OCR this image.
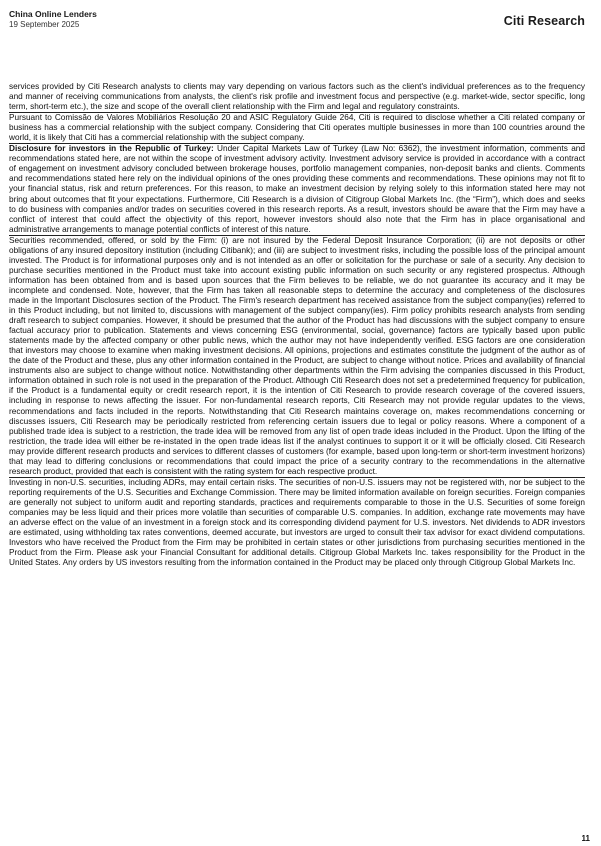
China Online Lenders
19 September 2025	Citi Research

services provided by Citi Research analysts to clients may vary depending on various factors such as the client's individual preferences as to the frequency and manner of receiving communications from analysts, the client's risk profile and investment focus and perspective (e.g. market-wide, sector specific, long term, short-term etc.), the size and scope of the overall client relationship with the Firm and legal and regulatory constraints.

Pursuant to Comissão de Valores Mobiliários Resolução 20 and ASIC Regulatory Guide 264, Citi is required to disclose whether a Citi related company or business has a commercial relationship with the subject company. Considering that Citi operates multiple businesses in more than 100 countries around the world, it is likely that Citi has a commercial relationship with the subject company.

Disclosure for investors in the Republic of Turkey: Under Capital Markets Law of Turkey (Law No: 6362), the investment information, comments and recommendations stated here, are not within the scope of investment advisory activity. Investment advisory service is provided in accordance with a contract of engagement on investment advisory concluded between brokerage houses, portfolio management companies, non-deposit banks and clients. Comments and recommendations stated here rely on the individual opinions of the ones providing these comments and recommendations. These opinions may not fit to your financial status, risk and return preferences. For this reason, to make an investment decision by relying solely to this information stated here may not bring about outcomes that fit your expectations. Furthermore, Citi Research is a division of Citigroup Global Markets Inc. (the “Firm”), which does and seeks to do business with companies and/or trades on securities covered in this research reports. As a result, investors should be aware that the Firm may have a conflict of interest that could affect the objectivity of this report, however investors should also note that the Firm has in place organisational and administrative arrangements to manage potential conflicts of interest of this nature.

Securities recommended, offered, or sold by the Firm: (i) are not insured by the Federal Deposit Insurance Corporation; (ii) are not deposits or other obligations of any insured depository institution (including Citibank); and (iii) are subject to investment risks, including the possible loss of the principal amount invested. The Product is for informational purposes only and is not intended as an offer or solicitation for the purchase or sale of a security. Any decision to purchase securities mentioned in the Product must take into account existing public information on such security or any registered prospectus. Although information has been obtained from and is based upon sources that the Firm believes to be reliable, we do not guarantee its accuracy and it may be incomplete and condensed. Note, however, that the Firm has taken all reasonable steps to determine the accuracy and completeness of the disclosures made in the Important Disclosures section of the Product. The Firm's research department has received assistance from the subject company(ies) referred to in this Product including, but not limited to, discussions with management of the subject company(ies). Firm policy prohibits research analysts from sending draft research to subject companies. However, it should be presumed that the author of the Product has had discussions with the subject company to ensure factual accuracy prior to publication. Statements and views concerning ESG (environmental, social, governance) factors are typically based upon public statements made by the affected company or other public news, which the author may not have independently verified. ESG factors are one consideration that investors may choose to examine when making investment decisions. All opinions, projections and estimates constitute the judgment of the author as of the date of the Product and these, plus any other information contained in the Product, are subject to change without notice. Prices and availability of financial instruments also are subject to change without notice. Notwithstanding other departments within the Firm advising the companies discussed in this Product, information obtained in such role is not used in the preparation of the Product. Although Citi Research does not set a predetermined frequency for publication, if the Product is a fundamental equity or credit research report, it is the intention of Citi Research to provide research coverage of the covered issuers, including in response to news affecting the issuer. For non-fundamental research reports, Citi Research may not provide regular updates to the views, recommendations and facts included in the reports. Notwithstanding that Citi Research maintains coverage on, makes recommendations concerning or discusses issuers, Citi Research may be periodically restricted from referencing certain issuers due to legal or policy reasons. Where a component of a published trade idea is subject to a restriction, the trade idea will be removed from any list of open trade ideas included in the Product. Upon the lifting of the restriction, the trade idea will either be re-instated in the open trade ideas list if the analyst continues to support it or it will be officially closed. Citi Research may provide different research products and services to different classes of customers (for example, based upon long-term or short-term investment horizons) that may lead to differing conclusions or recommendations that could impact the price of a security contrary to the recommendations in the alternative research product, provided that each is consistent with the rating system for each respective product.

Investing in non-U.S. securities, including ADRs, may entail certain risks. The securities of non-U.S. issuers may not be registered with, nor be subject to the reporting requirements of the U.S. Securities and Exchange Commission. There may be limited information available on foreign securities. Foreign companies are generally not subject to uniform audit and reporting standards, practices and requirements comparable to those in the U.S. Securities of some foreign companies may be less liquid and their prices more volatile than securities of comparable U.S. companies. In addition, exchange rate movements may have an adverse effect on the value of an investment in a foreign stock and its corresponding dividend payment for U.S. investors. Net dividends to ADR investors are estimated, using withholding tax rates conventions, deemed accurate, but investors are urged to consult their tax advisor for exact dividend computations. Investors who have received the Product from the Firm may be prohibited in certain states or other jurisdictions from purchasing securities mentioned in the Product from the Firm. Please ask your Financial Consultant for additional details. Citigroup Global Markets Inc. takes responsibility for the Product in the United States. Any orders by US investors resulting from the information contained in the Product may be placed only through Citigroup Global Markets Inc.

11
